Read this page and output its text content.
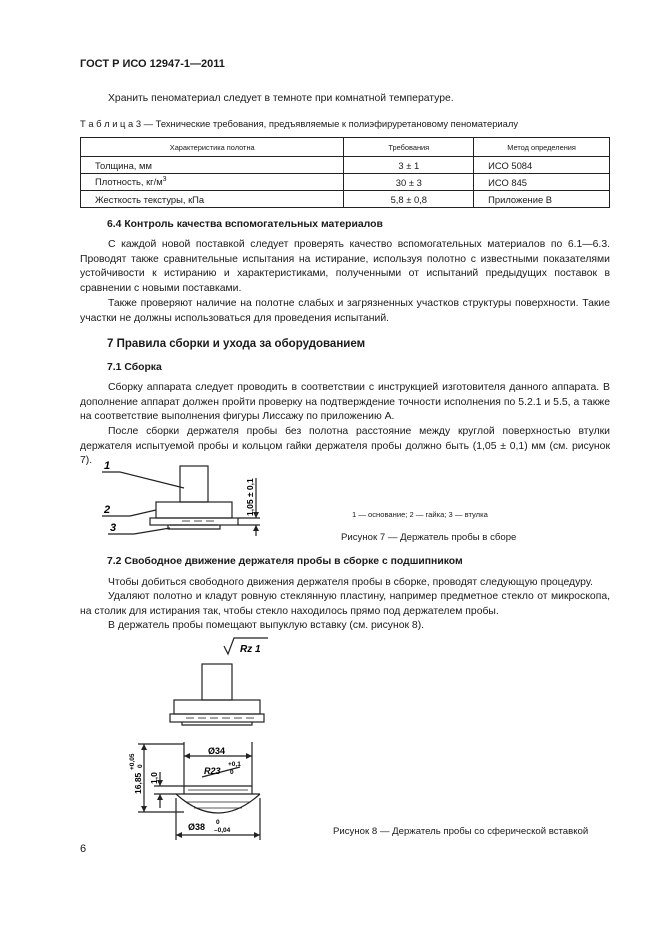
ГОСТ Р ИСО 12947-1—2011

Хранить пеноматериал следует в темноте при комнатной температуре.

Т а б л и ц а 3 — Технические требования, предъявляемые к полиэфируретановому пеноматериалу
Характеристика полотна	Требования	Метод определения
Толщина, мм	3 ± 1	ИСО 5084
Плотность, $кг/м^3$	30 ± 3	ИСО 845
Жесткость текстуры, кПа	5,8 ± 0,8	Приложение В
6.4 Контроль качества вспомогательных материалов

С каждой новой поставкой следует проверять качество вспомогательных материалов по 6.1—6.3. Проводят также сравнительные испытания на истирание, используя полотно с известными показателями устойчивости к истиранию и характеристиками, полученными от испытаний предыдущих поставок в сравнении с новыми поставками.

Также проверяют наличие на полотне слабых и загрязненных участков структуры поверхности. Такие участки не должны использоваться для проведения испытаний.

7 Правила сборки и ухода за оборудованием
7.1 Сборка

Сборку аппарата следует проводить в соответствии с инструкцией изготовителя данного аппарата. В дополнение аппарат должен пройти проверку на подтверждение точности исполнения по 5.2.1 и 5.5, а также на соответствие выполнения фигуры Лиссажу по приложению А.

После сборки держателя пробы без полотна расстояние между круглой поверхностью втулки держателя испытуемой пробы и кольцом гайки держателя пробы должно быть (1,05 ± 0,1) мм (см. рисунок 7).	1
2
3
1,05 ± 0,1	1 — основание; 2 — гайка; 3 — втулка
Рисунок 7 — Держатель пробы в сборе
7.2 Свободное движение держателя пробы в сборке с подшипником

Чтобы добиться свободного движения держателя пробы в сборке, проводят следующую процедуру.

Удаляют полотно и кладут ровную стеклянную пластину, например предметное стекло от микроскопа, на столик для истирания так, чтобы стекло находилось прямо под держателем пробы.

В держатель пробы помещают выпуклую вставку (см. рисунок 8).

Rz 1
Ø34
R23
+0,1
0
Ø38 0
–0,04
16,85
+0,05 0
1,0
Рисунок 8 — Держатель пробы со сферической вставкой
6
